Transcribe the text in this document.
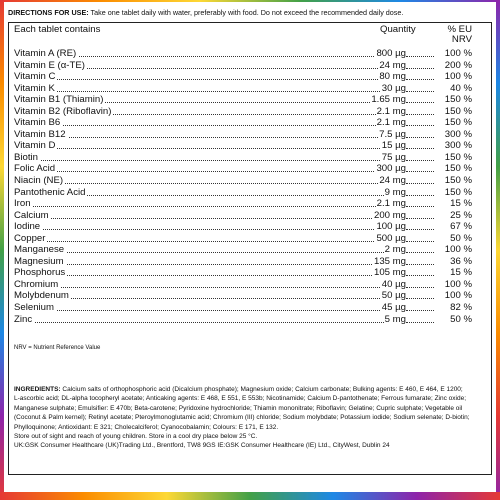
DIRECTIONS FOR USE: Take one tablet daily with water, preferably with food. Do not exceed the recommended daily dose.
Each tablet contains	Quantity	% EU
NRV
Vitamin A (RE)	800 µg	100 %
Vitamin E (α-TE)	24 mg	200 %
Vitamin C	80 mg	100 %
Vitamin K	30 µg	40 %
Vitamin B1 (Thiamin)	1.65 mg	150 %
Vitamin B2 (Riboflavin)	2.1 mg	150 %
Vitamin B6	2.1 mg	150 %
Vitamin B12	7.5 µg	300 %
Vitamin D	15 µg	300 %
Biotin	75 µg	150 %
Folic Acid	300 µg	150 %
Niacin (NE)	24 mg	150 %
Pantothenic Acid	9 mg	150 %
Iron	2.1 mg	15 %
Calcium	200 mg	25 %
Iodine	100 µg	67 %
Copper	500 µg	50 %
Manganese	2 mg	100 %
Magnesium	135 mg	36 %
Phosphorus	105 mg	15 %
Chromium	40 µg	100 %
Molybdenum	50 µg	100 %
Selenium	45 µg	82 %
Zinc	5 mg	50 %
NRV = Nutrient Reference Value
INGREDIENTS: Calcium salts of orthophosphoric acid (Dicalcium phosphate); Magnesium oxide; Calcium carbonate; Bulking agents: E 460, E 464, E 1200;
L-ascorbic acid; DL-alpha tocopheryl acetate; Anticaking agents: E 468, E 551, E 553b; Nicotinamide; Calcium D-pantothenate; Ferrous fumarate; Zinc oxide;
Manganese sulphate; Emulsifier: E 470b; Beta-carotene; Pyridoxine hydrochloride; Thiamin mononitrate; Riboflavin; Gelatine; Cupric sulphate; Vegetable oil
(Coconut & Palm kernel); Retinyl acetate; Pteroylmonoglutamic acid; Chromium (III) chloride; Sodium molybdate; Potassium iodide; Sodium selenate; D-biotin;
Phylloquinone; Antioxidant: E 321; Cholecalciferol; Cyanocobalamin; Colours: E 171, E 132.
Store out of sight and reach of young children. Store in a cool dry place below 25 °C.
UK:GSK Consumer Healthcare (UK)Trading Ltd., Brentford, TW8 9GS IE:GSK Consumer Healthcare (IE) Ltd., CityWest, Dublin 24
